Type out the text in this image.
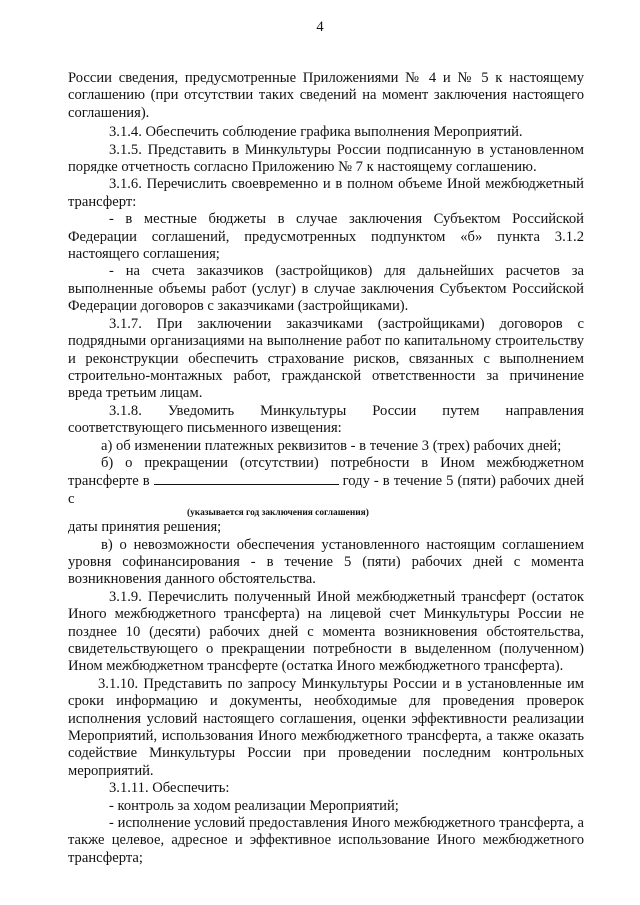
4

России сведения, предусмотренные Приложениями № 4 и № 5 к настоящему соглашению (при отсутствии таких сведений на момент заключения настоящего соглашения).

3.1.4. Обеспечить соблюдение графика выполнения Мероприятий.

3.1.5. Представить в Минкультуры России подписанную в установленном порядке отчетность согласно Приложению № 7 к настоящему соглашению.

3.1.6. Перечислить своевременно и в полном объеме Иной межбюджетный трансферт:

- в местные бюджеты в случае заключения Субъектом Российской Федерации соглашений, предусмотренных подпунктом «б» пункта 3.1.2 настоящего соглашения;

- на счета заказчиков (застройщиков) для дальнейших расчетов за выполненные объемы работ (услуг) в случае заключения Субъектом Российской Федерации договоров с заказчиками (застройщиками).

3.1.7. При заключении заказчиками (застройщиками) договоров с подрядными организациями на выполнение работ по капитальному строительству и реконструкции обеспечить страхование рисков, связанных с выполнением строительно-монтажных работ, гражданской ответственности за причинение вреда третьим лицам.

3.1.8. Уведомить Минкультуры России путем направления соответствующего письменного извещения:

а) об изменении платежных реквизитов - в течение 3 (трех) рабочих дней;

б) о прекращении (отсутствии) потребности в Ином межбюджетном трансферте в	году - в течение 5 (пяти) рабочих дней с
(указывается год заключения соглашения)
даты принятия решения;

в) о невозможности обеспечения установленного настоящим соглашением уровня софинансирования - в течение 5 (пяти) рабочих дней с момента возникновения данного обстоятельства.

3.1.9. Перечислить полученный Иной межбюджетный трансферт (остаток Иного межбюджетного трансферта) на лицевой счет Минкультуры России не позднее 10 (десяти) рабочих дней с момента возникновения обстоятельства, свидетельствующего о прекращении потребности в выделенном (полученном) Ином межбюджетном трансферте (остатка Иного межбюджетного трансферта).

3.1.10. Представить по запросу Минкультуры России и в установленные им сроки информацию и документы, необходимые для проведения проверок исполнения условий настоящего соглашения, оценки эффективности реализации Мероприятий, использования Иного межбюджетного трансферта, а также оказать содействие Минкультуры России при проведении последним контрольных мероприятий.

3.1.11. Обеспечить:

- контроль за ходом реализации Мероприятий;

- исполнение условий предоставления Иного межбюджетного трансферта, а также целевое, адресное и эффективное использование Иного межбюджетного трансферта;
